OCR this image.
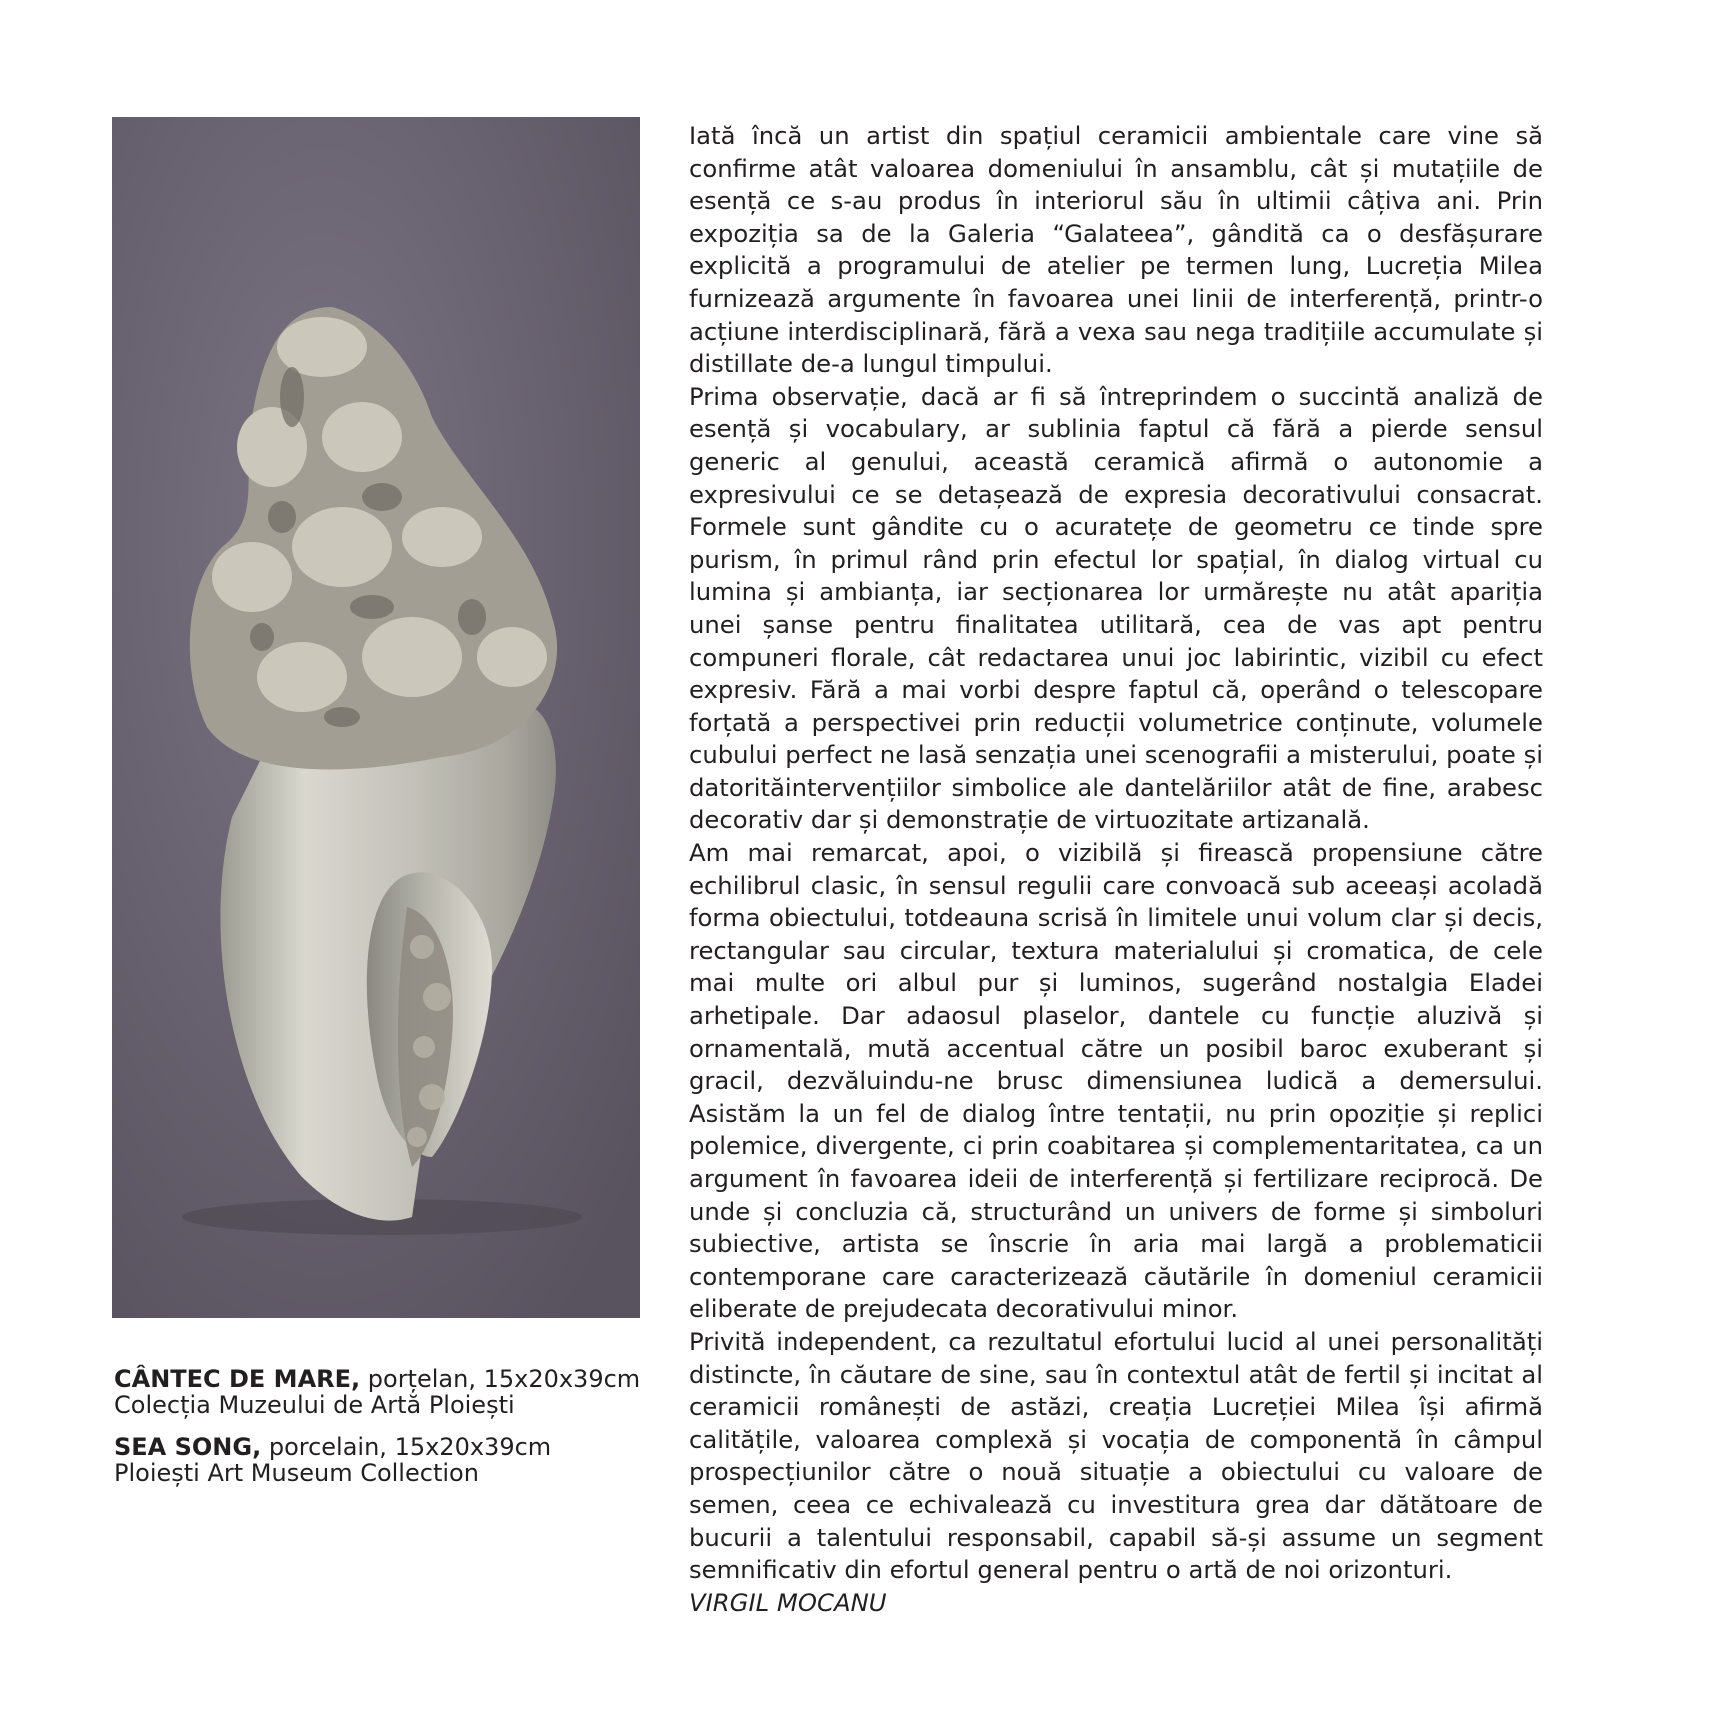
CÂNTEC DE MARE, porțelan, 15x20x39cm
Colecția Muzeului de Artă Ploiești
SEA SONG, porcelain, 15x20x39cm
Ploiești Art Museum Collection

Iată încă un artist din spațiul ceramicii ambientale care vine să confirme atât valoarea domeniului în ansamblu, cât și mutațiile de esență ce s-au produs în interiorul său în ultimii câțiva ani. Prin expoziția sa de la Galeria “Galateea”, gândită ca o desfășurare explicită a programului de atelier pe termen lung, Lucreția Milea furnizează argumente în favoarea unei linii de interferență, printr-o acțiune interdisciplinară, fără a vexa sau nega tradițiile accumulate și distillate de-a lungul timpului.

Prima observație, dacă ar fi să întreprindem o succintă analiză de esență și vocabulary, ar sublinia faptul că fără a pierde sensul generic al genului, această ceramică afirmă o autonomie a expresivului ce se detașează de expresia decorativului consacrat. Formele sunt gândite cu o acuratețe de geometru ce tinde spre purism, în primul rând prin efectul lor spațial, în dialog virtual cu lumina și ambianța, iar secționarea lor urmărește nu atât apariția unei șanse pentru finalitatea utilitară, cea de vas apt pentru compuneri florale, cât redactarea unui joc labirintic, vizibil cu efect expresiv. Fără a mai vorbi despre faptul că, operând o telescopare forțată a perspectivei prin reducții volumetrice conținute, volumele cubului perfect ne lasă senzația unei scenografii a misterului, poate și datorităintervențiilor simbolice ale dantelăriilor atât de fine, arabesc decorativ dar și demonstrație de virtuozitate artizanală.

Am mai remarcat, apoi, o vizibilă și firească propensiune către echilibrul clasic, în sensul regulii care convoacă sub aceeași acoladă forma obiectului, totdeauna scrisă în limitele unui volum clar și decis, rectangular sau circular, textura materialului și cromatica, de cele mai multe ori albul pur și luminos, sugerând nostalgia Eladei arhetipale. Dar adaosul plaselor, dantele cu funcție aluzivă și ornamentală, mută accentual către un posibil baroc exuberant și gracil, dezvăluindu-ne brusc dimensiunea ludică a demersului. Asistăm la un fel de dialog între tentații, nu prin opoziție și replici polemice, divergente, ci prin coabitarea și complementaritatea, ca un argument în favoarea ideii de interferență și fertilizare reciprocă. De unde și concluzia că, structurând un univers de forme și simboluri subiective, artista se înscrie în aria mai largă a problematicii contemporane care caracterizează căutările în domeniul ceramicii eliberate de prejudecata decorativului minor.

Privită independent, ca rezultatul efortului lucid al unei personalități distincte, în căutare de sine, sau în contextul atât de fertil și incitat al ceramicii românești de astăzi, creația Lucreției Milea își afirmă calitățile, valoarea complexă și vocația de componentă în câmpul prospecțiunilor către o nouă situație a obiectului cu valoare de semen, ceea ce echivalează cu investitura grea dar dătătoare de bucurii a talentului responsabil, capabil să-și assume un segment semnificativ din efortul general pentru o artă de noi orizonturi.

VIRGIL MOCANU
